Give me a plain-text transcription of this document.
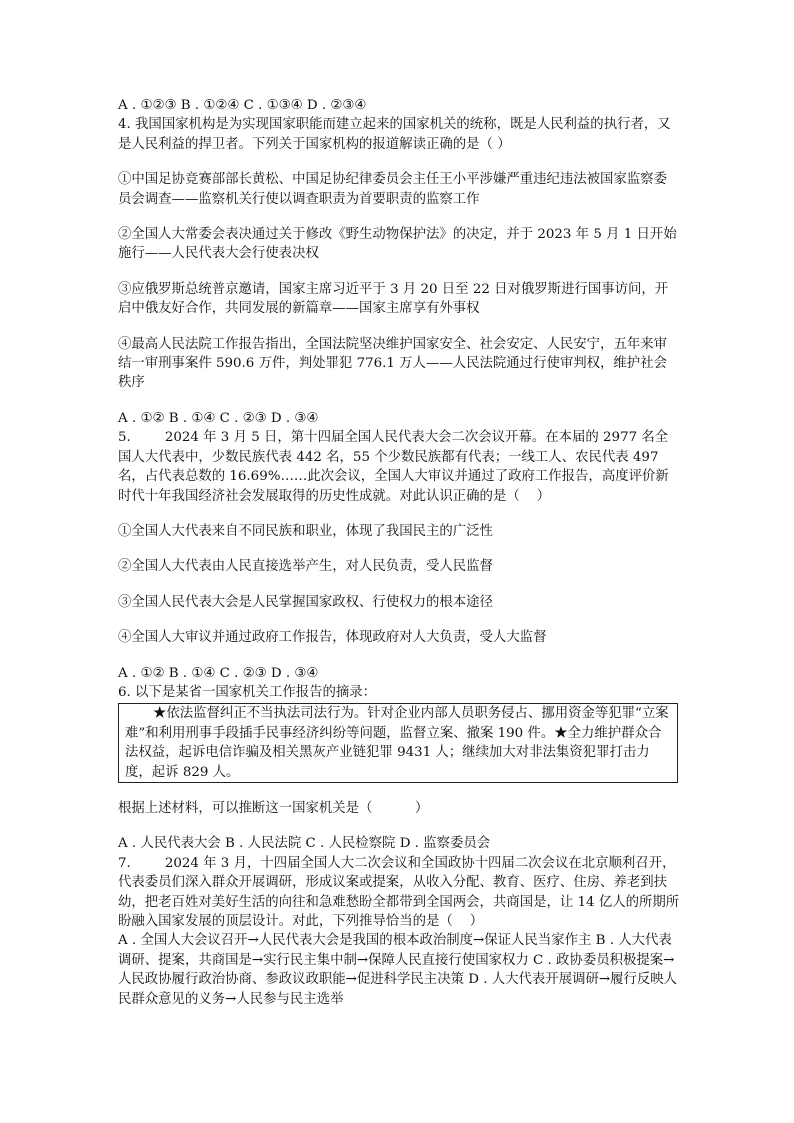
A . ①②③ B . ①②④ C . ①③④ D . ②③④

4. 我国国家机构是为实现国家职能而建立起来的国家机关的统称，既是人民利益的执行者，又是人民利益的捍卫者。下列关于国家机构的报道解读正确的是（ ）

①中国足协竞赛部部长黄松、中国足协纪律委员会主任王小平涉嫌严重违纪违法被国家监察委员会调查——监察机关行使以调查职责为首要职责的监察工作

②全国人大常委会表决通过关于修改《野生动物保护法》的决定，并于 2023 年 5 月 1 日开始施行——人民代表大会行使表决权

③应俄罗斯总统普京邀请，国家主席习近平于 3 月 20 日至 22 日对俄罗斯进行国事访问，开启中俄友好合作，共同发展的新篇章——国家主席享有外事权

④最高人民法院工作报告指出，全国法院坚决维护国家安全、社会安定、人民安宁，五年来审结一审刑事案件 590.6 万件，判处罪犯 776.1 万人——人民法院通过行使审判权，维护社会秩序

A . ①② B . ①④ C . ②③ D . ③④

5.        2024 年 3 月 5 日，第十四届全国人民代表大会二次会议开幕。在本届的 2977 名全国人大代表中，少数民族代表 442 名，55 个少数民族都有代表；一线工人、农民代表 497 名，占代表总数的 16.69%……此次会议，全国人大审议并通过了政府工作报告，高度评价新时代十年我国经济社会发展取得的历史性成就。对此认识正确的是（    ）

①全国人大代表来自不同民族和职业，体现了我国民主的广泛性

②全国人大代表由人民直接选举产生，对人民负责，受人民监督

③全国人民代表大会是人民掌握国家政权、行使权力的根本途径

④全国人大审议并通过政府工作报告，体现政府对人大负责，受人大监督

A . ①② B . ①④ C . ②③ D . ③④

6. 以下是某省一国家机关工作报告的摘录：

★依法监督纠正不当执法司法行为。针对企业内部人员职务侵占、挪用资金等犯罪“立案难”和利用刑事手段插手民事经济纠纷等问题，监督立案、撤案 190 件。★全力维护群众合法权益，起诉电信诈骗及相关黑灰产业链犯罪 9431 人；继续加大对非法集资犯罪打击力度，起诉 829 人。

根据上述材料，可以推断这一国家机关是（          ）

A . 人民代表大会 B . 人民法院 C . 人民检察院 D . 监察委员会

7.        2024 年 3 月，十四届全国人大二次会议和全国政协十四届二次会议在北京顺利召开，代表委员们深入群众开展调研，形成议案或提案，从收入分配、教育、医疗、住房、养老到扶幼，把老百姓对美好生活的向往和急难愁盼全都带到全国两会，共商国是，让 14 亿人的所期所盼融入国家发展的顶层设计。对此，下列推导恰当的是（    ）

A . 全国人大会议召开→人民代表大会是我国的根本政治制度→保证人民当家作主 B . 人大代表调研、提案，共商国是→实行民主集中制→保障人民直接行使国家权力 C . 政协委员积极提案→人民政协履行政治协商、参政议政职能→促进科学民主决策 D . 人大代表开展调研→履行反映人民群众意见的义务→人民参与民主选举
